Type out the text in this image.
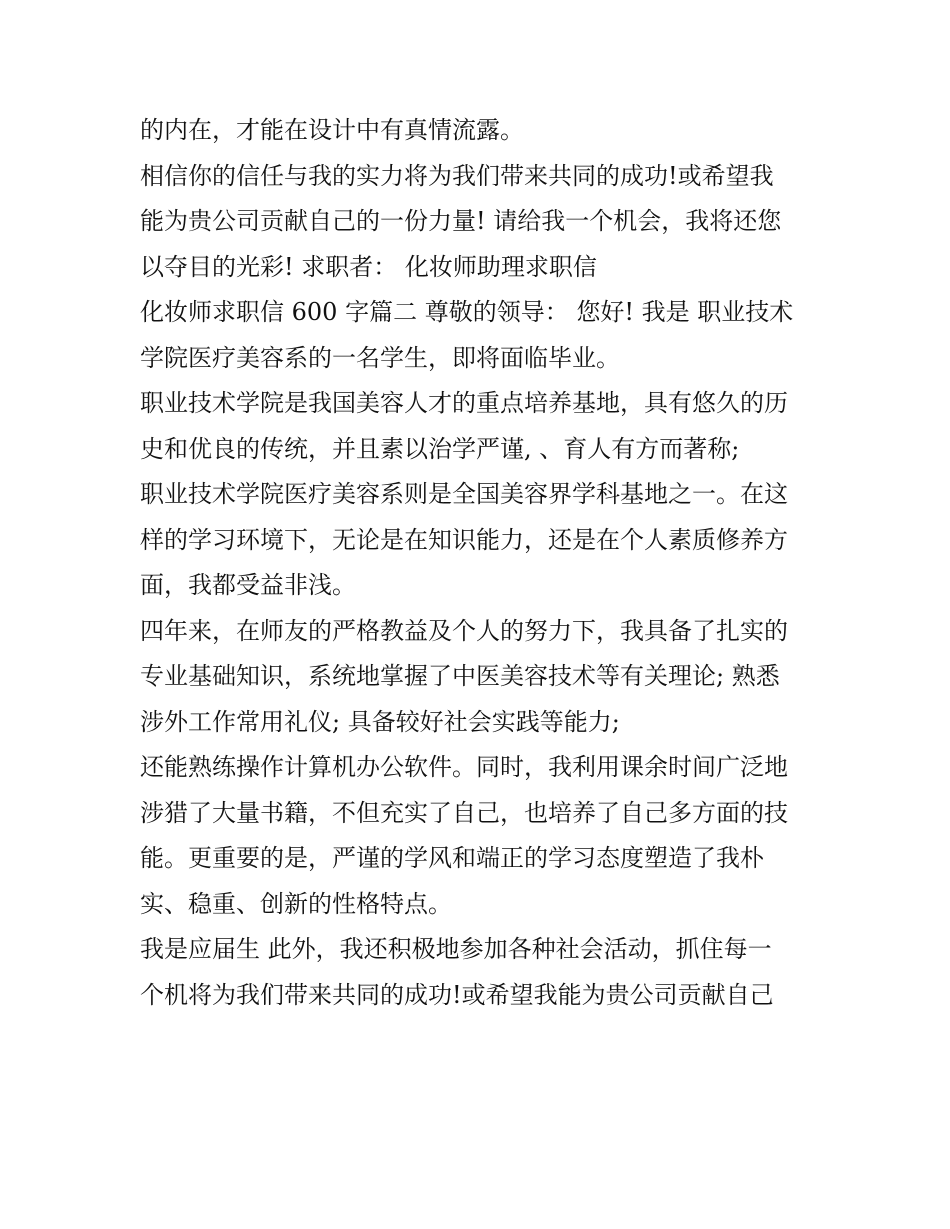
的内在，才能在设计中有真情流露。
相信你的信任与我的实力将为我们带来共同的成功!或希望我
能为贵公司贡献自己的一份力量! 请给我一个机会，我将还您
以夺目的光彩! 求职者： 化妆师助理求职信
化妆师求职信 600 字篇二 尊敬的领导： 您好! 我是 职业技术
学院医疗美容系的一名学生，即将面临毕业。
职业技术学院是我国美容人才的重点培养基地，具有悠久的历
史和优良的传统，并且素以治学严谨, 、育人有方而著称;
职业技术学院医疗美容系则是全国美容界学科基地之一。在这
样的学习环境下，无论是在知识能力，还是在个人素质修养方
面，我都受益非浅。
四年来，在师友的严格教益及个人的努力下，我具备了扎实的
专业基础知识，系统地掌握了中医美容技术等有关理论; 熟悉
涉外工作常用礼仪; 具备较好社会实践等能力;
还能熟练操作计算机办公软件。同时，我利用课余时间广泛地
涉猎了大量书籍，不但充实了自己，也培养了自己多方面的技
能。更重要的是，严谨的学风和端正的学习态度塑造了我朴
实、稳重、创新的性格特点。
我是应届生 此外，我还积极地参加各种社会活动，抓住每一
个机将为我们带来共同的成功!或希望我能为贵公司贡献自己
